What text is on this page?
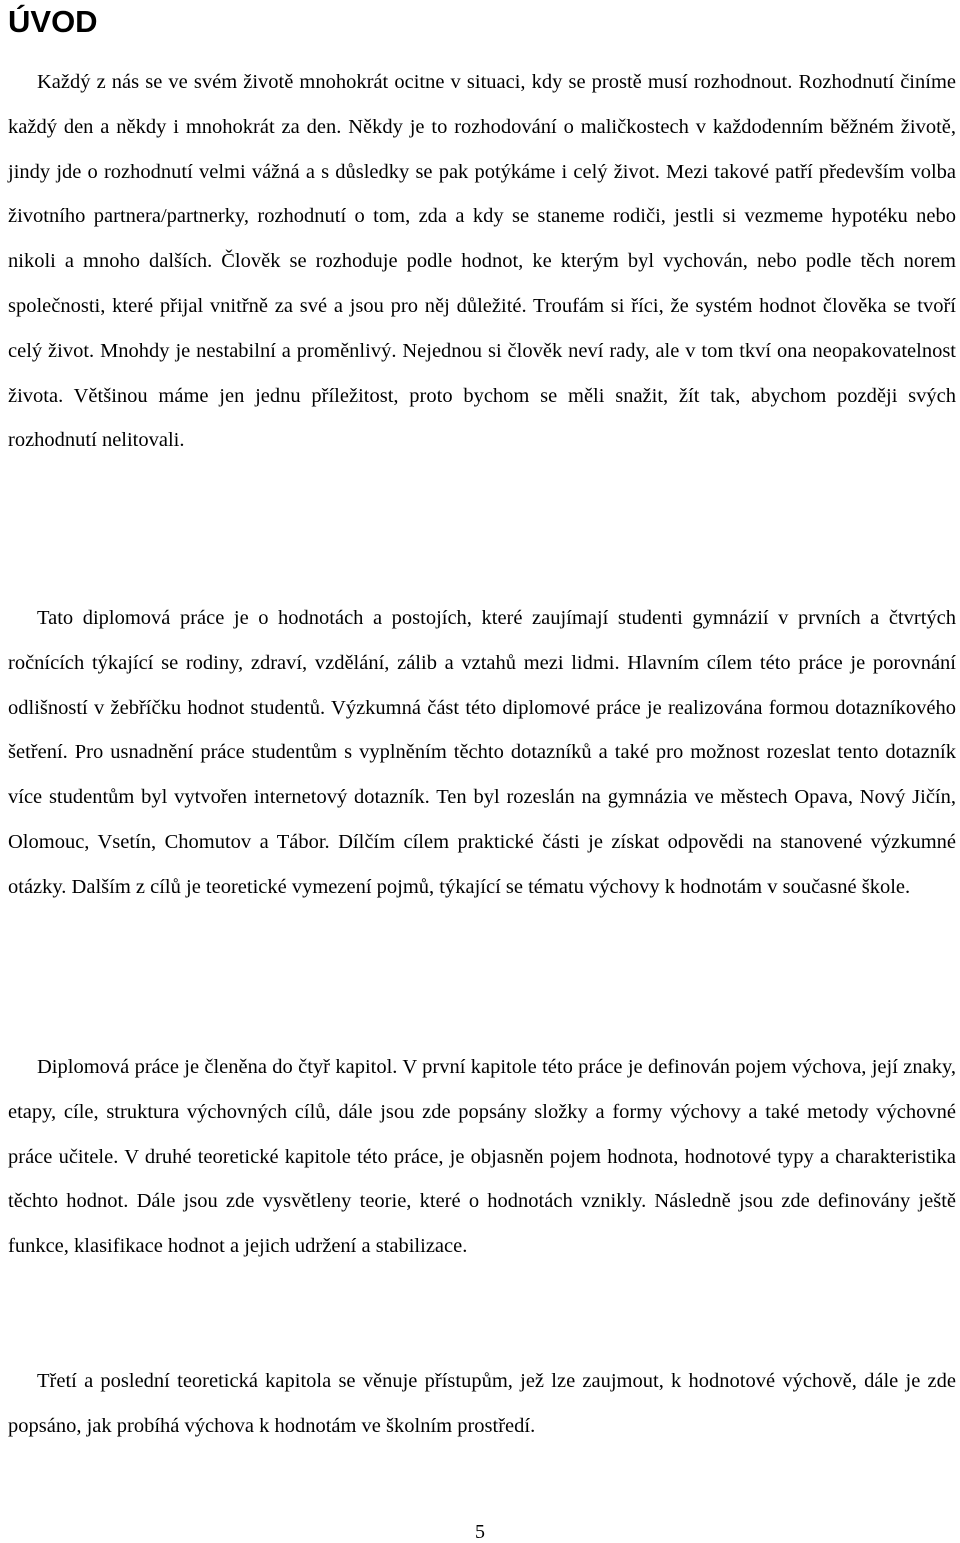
ÚVOD

Každý z nás se ve svém životě mnohokrát ocitne v situaci, kdy se prostě musí rozhodnout. Rozhodnutí činíme každý den a někdy i mnohokrát za den. Někdy je to rozhodování o maličkostech v každodenním běžném životě, jindy jde o rozhodnutí velmi vážná a s důsledky se pak potýkáme i celý život. Mezi takové patří především volba životního partnera/partnerky, rozhodnutí o tom, zda a kdy se staneme rodiči, jestli si vezmeme hypotéku nebo nikoli a mnoho dalších. Člověk se rozhoduje podle hodnot, ke kterým byl vychován, nebo podle těch norem společnosti, které přijal vnitřně za své a jsou pro něj důležité. Troufám si říci, že systém hodnot člověka se tvoří celý život. Mnohdy je nestabilní a proměnlivý. Nejednou si člověk neví rady, ale v tom tkví ona neopakovatelnost života. Většinou máme jen jednu příležitost, proto bychom se měli snažit, žít tak, abychom později svých rozhodnutí nelitovali.

Tato diplomová práce je o hodnotách a postojích, které zaujímají studenti gymnázií v prvních a čtvrtých ročnících týkající se rodiny, zdraví, vzdělání, zálib a vztahů mezi lidmi. Hlavním cílem této práce je porovnání odlišností v žebříčku hodnot studentů. Výzkumná část této diplomové práce je realizována formou dotazníkového šetření. Pro usnadnění práce studentům s vyplněním těchto dotazníků a také pro možnost rozeslat tento dotazník více studentům byl vytvořen internetový dotazník. Ten byl rozeslán na gymnázia ve městech Opava, Nový Jičín, Olomouc, Vsetín, Chomutov a Tábor. Dílčím cílem praktické části je získat odpovědi na stanovené výzkumné otázky. Dalším z cílů je teoretické vymezení pojmů, týkající se tématu výchovy k hodnotám v současné škole.

Diplomová práce je členěna do čtyř kapitol. V první kapitole této práce je definován pojem výchova, její znaky, etapy, cíle, struktura výchovných cílů, dále jsou zde popsány složky a formy výchovy a také metody výchovné práce učitele. V druhé teoretické kapitole této práce, je objasněn pojem hodnota, hodnotové typy a charakteristika těchto hodnot. Dále jsou zde vysvětleny teorie, které o hodnotách vznikly. Následně jsou zde definovány ještě funkce, klasifikace hodnot a jejich udržení a stabilizace.

Třetí a poslední teoretická kapitola se věnuje přístupům, jež lze zaujmout, k hodnotové výchově, dále je zde popsáno, jak probíhá výchova k hodnotám ve školním prostředí.

5
